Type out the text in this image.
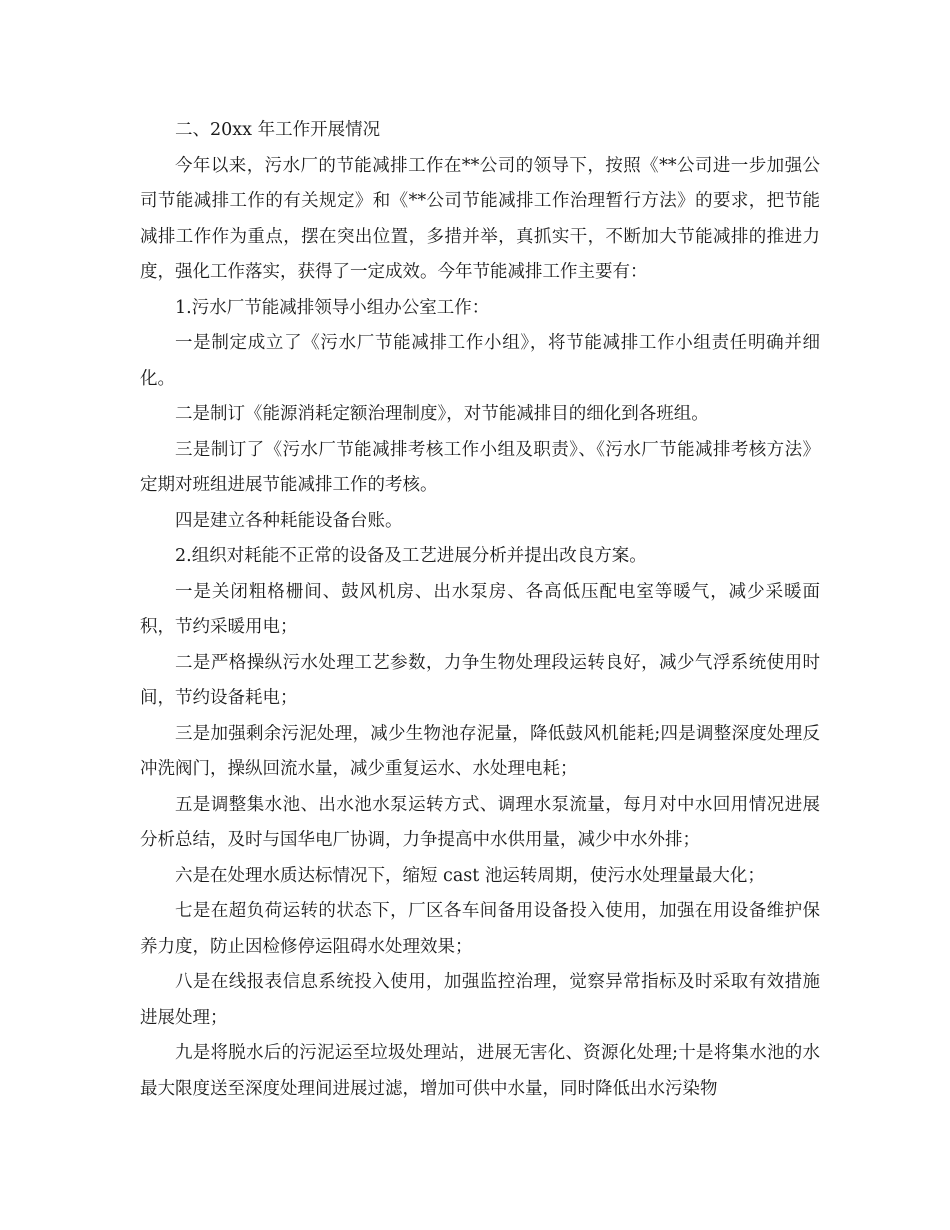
二、20xx 年工作开展情况

今年以来，污水厂的节能减排工作在**公司的领导下，按照《**公司进一步加强公司节能减排工作的有关规定》和《**公司节能减排工作治理暂行方法》的要求，把节能减排工作作为重点，摆在突出位置，多措并举，真抓实干，不断加大节能减排的推进力度，强化工作落实，获得了一定成效。今年节能减排工作主要有：

1.污水厂节能减排领导小组办公室工作：

一是制定成立了《污水厂节能减排工作小组》，将节能减排工作小组责任明确并细化。

二是制订《能源消耗定额治理制度》，对节能减排目的细化到各班组。

三是制订了《污水厂节能减排考核工作小组及职责》、《污水厂节能减排考核方法》定期对班组进展节能减排工作的考核。

四是建立各种耗能设备台账。

2.组织对耗能不正常的设备及工艺进展分析并提出改良方案。

一是关闭粗格栅间、鼓风机房、出水泵房、各高低压配电室等暖气，减少采暖面积，节约采暖用电；

二是严格操纵污水处理工艺参数，力争生物处理段运转良好，减少气浮系统使用时间，节约设备耗电；

三是加强剩余污泥处理，减少生物池存泥量，降低鼓风机能耗;四是调整深度处理反冲洗阀门，操纵回流水量，减少重复运水、水处理电耗；

五是调整集水池、出水池水泵运转方式、调理水泵流量，每月对中水回用情况进展分析总结，及时与国华电厂协调，力争提高中水供用量，减少中水外排；

六是在处理水质达标情况下，缩短 cast 池运转周期，使污水处理量最大化；

七是在超负荷运转的状态下，厂区各车间备用设备投入使用，加强在用设备维护保养力度，防止因检修停运阻碍水处理效果；

八是在线报表信息系统投入使用，加强监控治理，觉察异常指标及时采取有效措施进展处理；

九是将脱水后的污泥运至垃圾处理站，进展无害化、资源化处理;十是将集水池的水最大限度送至深度处理间进展过滤，增加可供中水量，同时降低出水污染物
